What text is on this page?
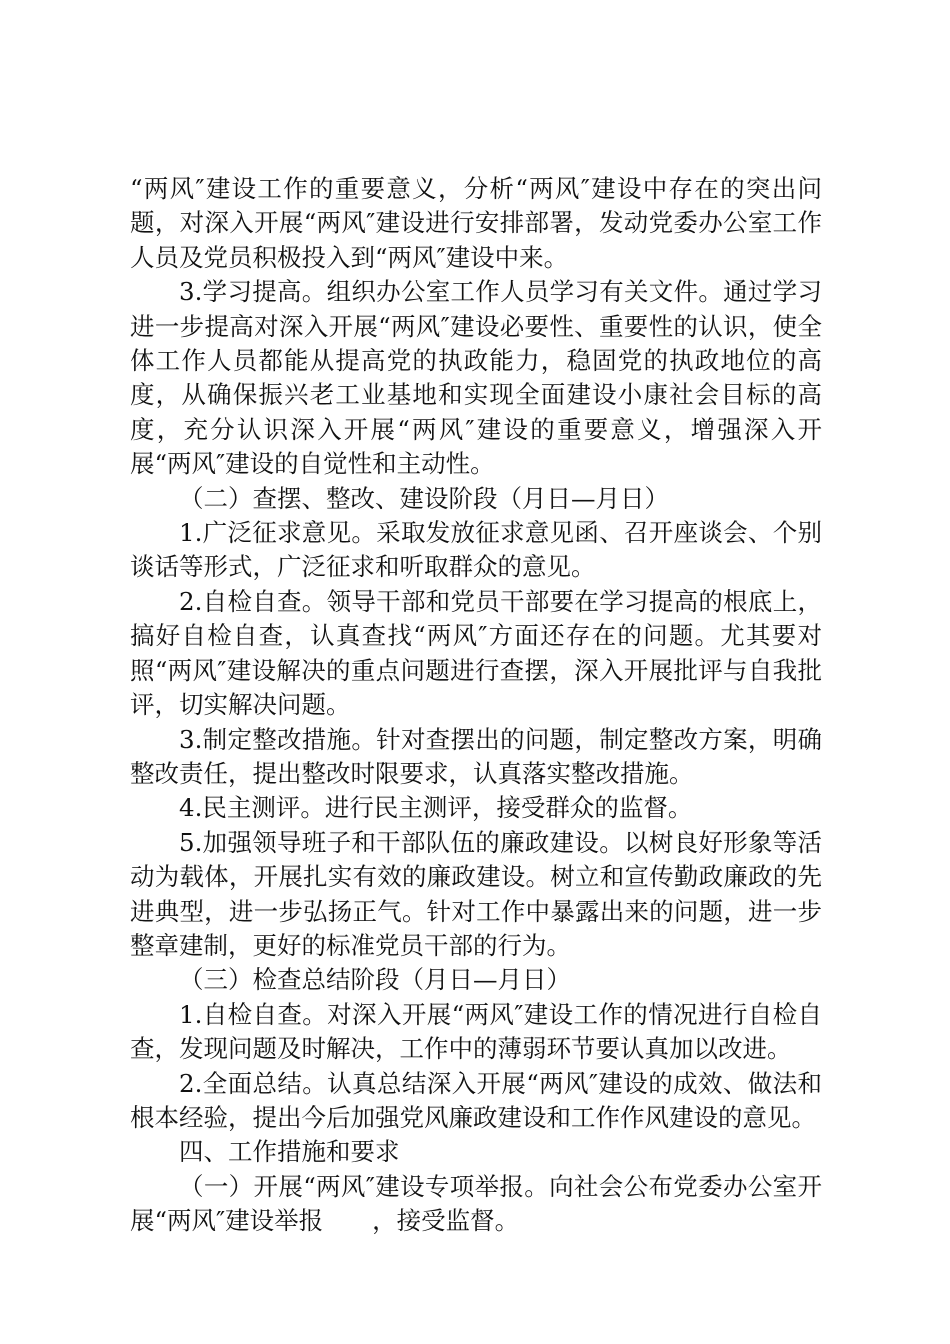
“两风″建设工作的重要意义，分析“两风″建设中存在的突出问题，对深入开展“两风″建设进行安排部署，发动党委办公室工作人员及党员积极投入到“两风″建设中来。

3.学习提高。组织办公室工作人员学习有关文件。通过学习进一步提高对深入开展“两风″建设必要性、重要性的认识，使全体工作人员都能从提高党的执政能力，稳固党的执政地位的高度，从确保振兴老工业基地和实现全面建设小康社会目标的高度，充分认识深入开展“两风″建设的重要意义，增强深入开展“两风″建设的自觉性和主动性。

（二）查摆、整改、建设阶段（月日—月日）

1.广泛征求意见。采取发放征求意见函、召开座谈会、个别谈话等形式，广泛征求和听取群众的意见。

2.自检自查。领导干部和党员干部要在学习提高的根底上，搞好自检自查，认真查找“两风″方面还存在的问题。尤其要对照“两风″建设解决的重点问题进行查摆，深入开展批评与自我批评，切实解决问题。

3.制定整改措施。针对查摆出的问题，制定整改方案，明确整改责任，提出整改时限要求，认真落实整改措施。

4.民主测评。进行民主测评，接受群众的监督。

5.加强领导班子和干部队伍的廉政建设。以树良好形象等活动为载体，开展扎实有效的廉政建设。树立和宣传勤政廉政的先进典型，进一步弘扬正气。针对工作中暴露出来的问题，进一步整章建制，更好的标准党员干部的行为。

（三）检查总结阶段（月日—月日）

1.自检自查。对深入开展“两风″建设工作的情况进行自检自查，发现问题及时解决，工作中的薄弱环节要认真加以改进。

2.全面总结。认真总结深入开展“两风″建设的成效、做法和根本经验，提出今后加强党风廉政建设和工作作风建设的意见。

四、工作措施和要求

（一）开展“两风″建设专项举报。向社会公布党委办公室开展“两风″建设举报　　，接受监督。
